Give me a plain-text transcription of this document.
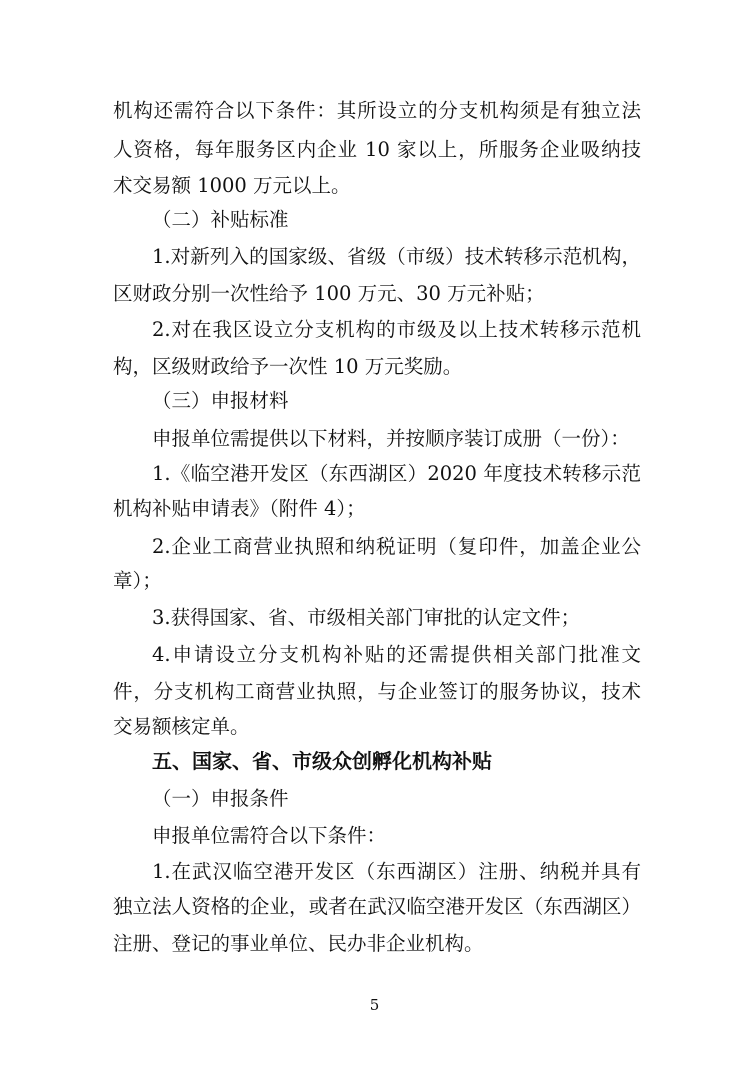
机构还需符合以下条件：其所设立的分支机构须是有独立法
人资格，每年服务区内企业 10 家以上，所服务企业吸纳技
术交易额 1000 万元以上。
（二）补贴标准
1.对新列入的国家级、省级（市级）技术转移示范机构，
区财政分别一次性给予 100 万元、30 万元补贴；
2.对在我区设立分支机构的市级及以上技术转移示范机
构，区级财政给予一次性 10 万元奖励。
（三）申报材料
申报单位需提供以下材料，并按顺序装订成册（一份）：
1.《临空港开发区（东西湖区）2020 年度技术转移示范
机构补贴申请表》（附件 4）；
2.企业工商营业执照和纳税证明（复印件，加盖企业公
章）；
3.获得国家、省、市级相关部门审批的认定文件；
4.申请设立分支机构补贴的还需提供相关部门批准文
件，分支机构工商营业执照，与企业签订的服务协议，技术
交易额核定单。
五、国家、省、市级众创孵化机构补贴
（一）申报条件
申报单位需符合以下条件：
1.在武汉临空港开发区（东西湖区）注册、纳税并具有
独立法人资格的企业，或者在武汉临空港开发区（东西湖区）
注册、登记的事业单位、民办非企业机构。
5
